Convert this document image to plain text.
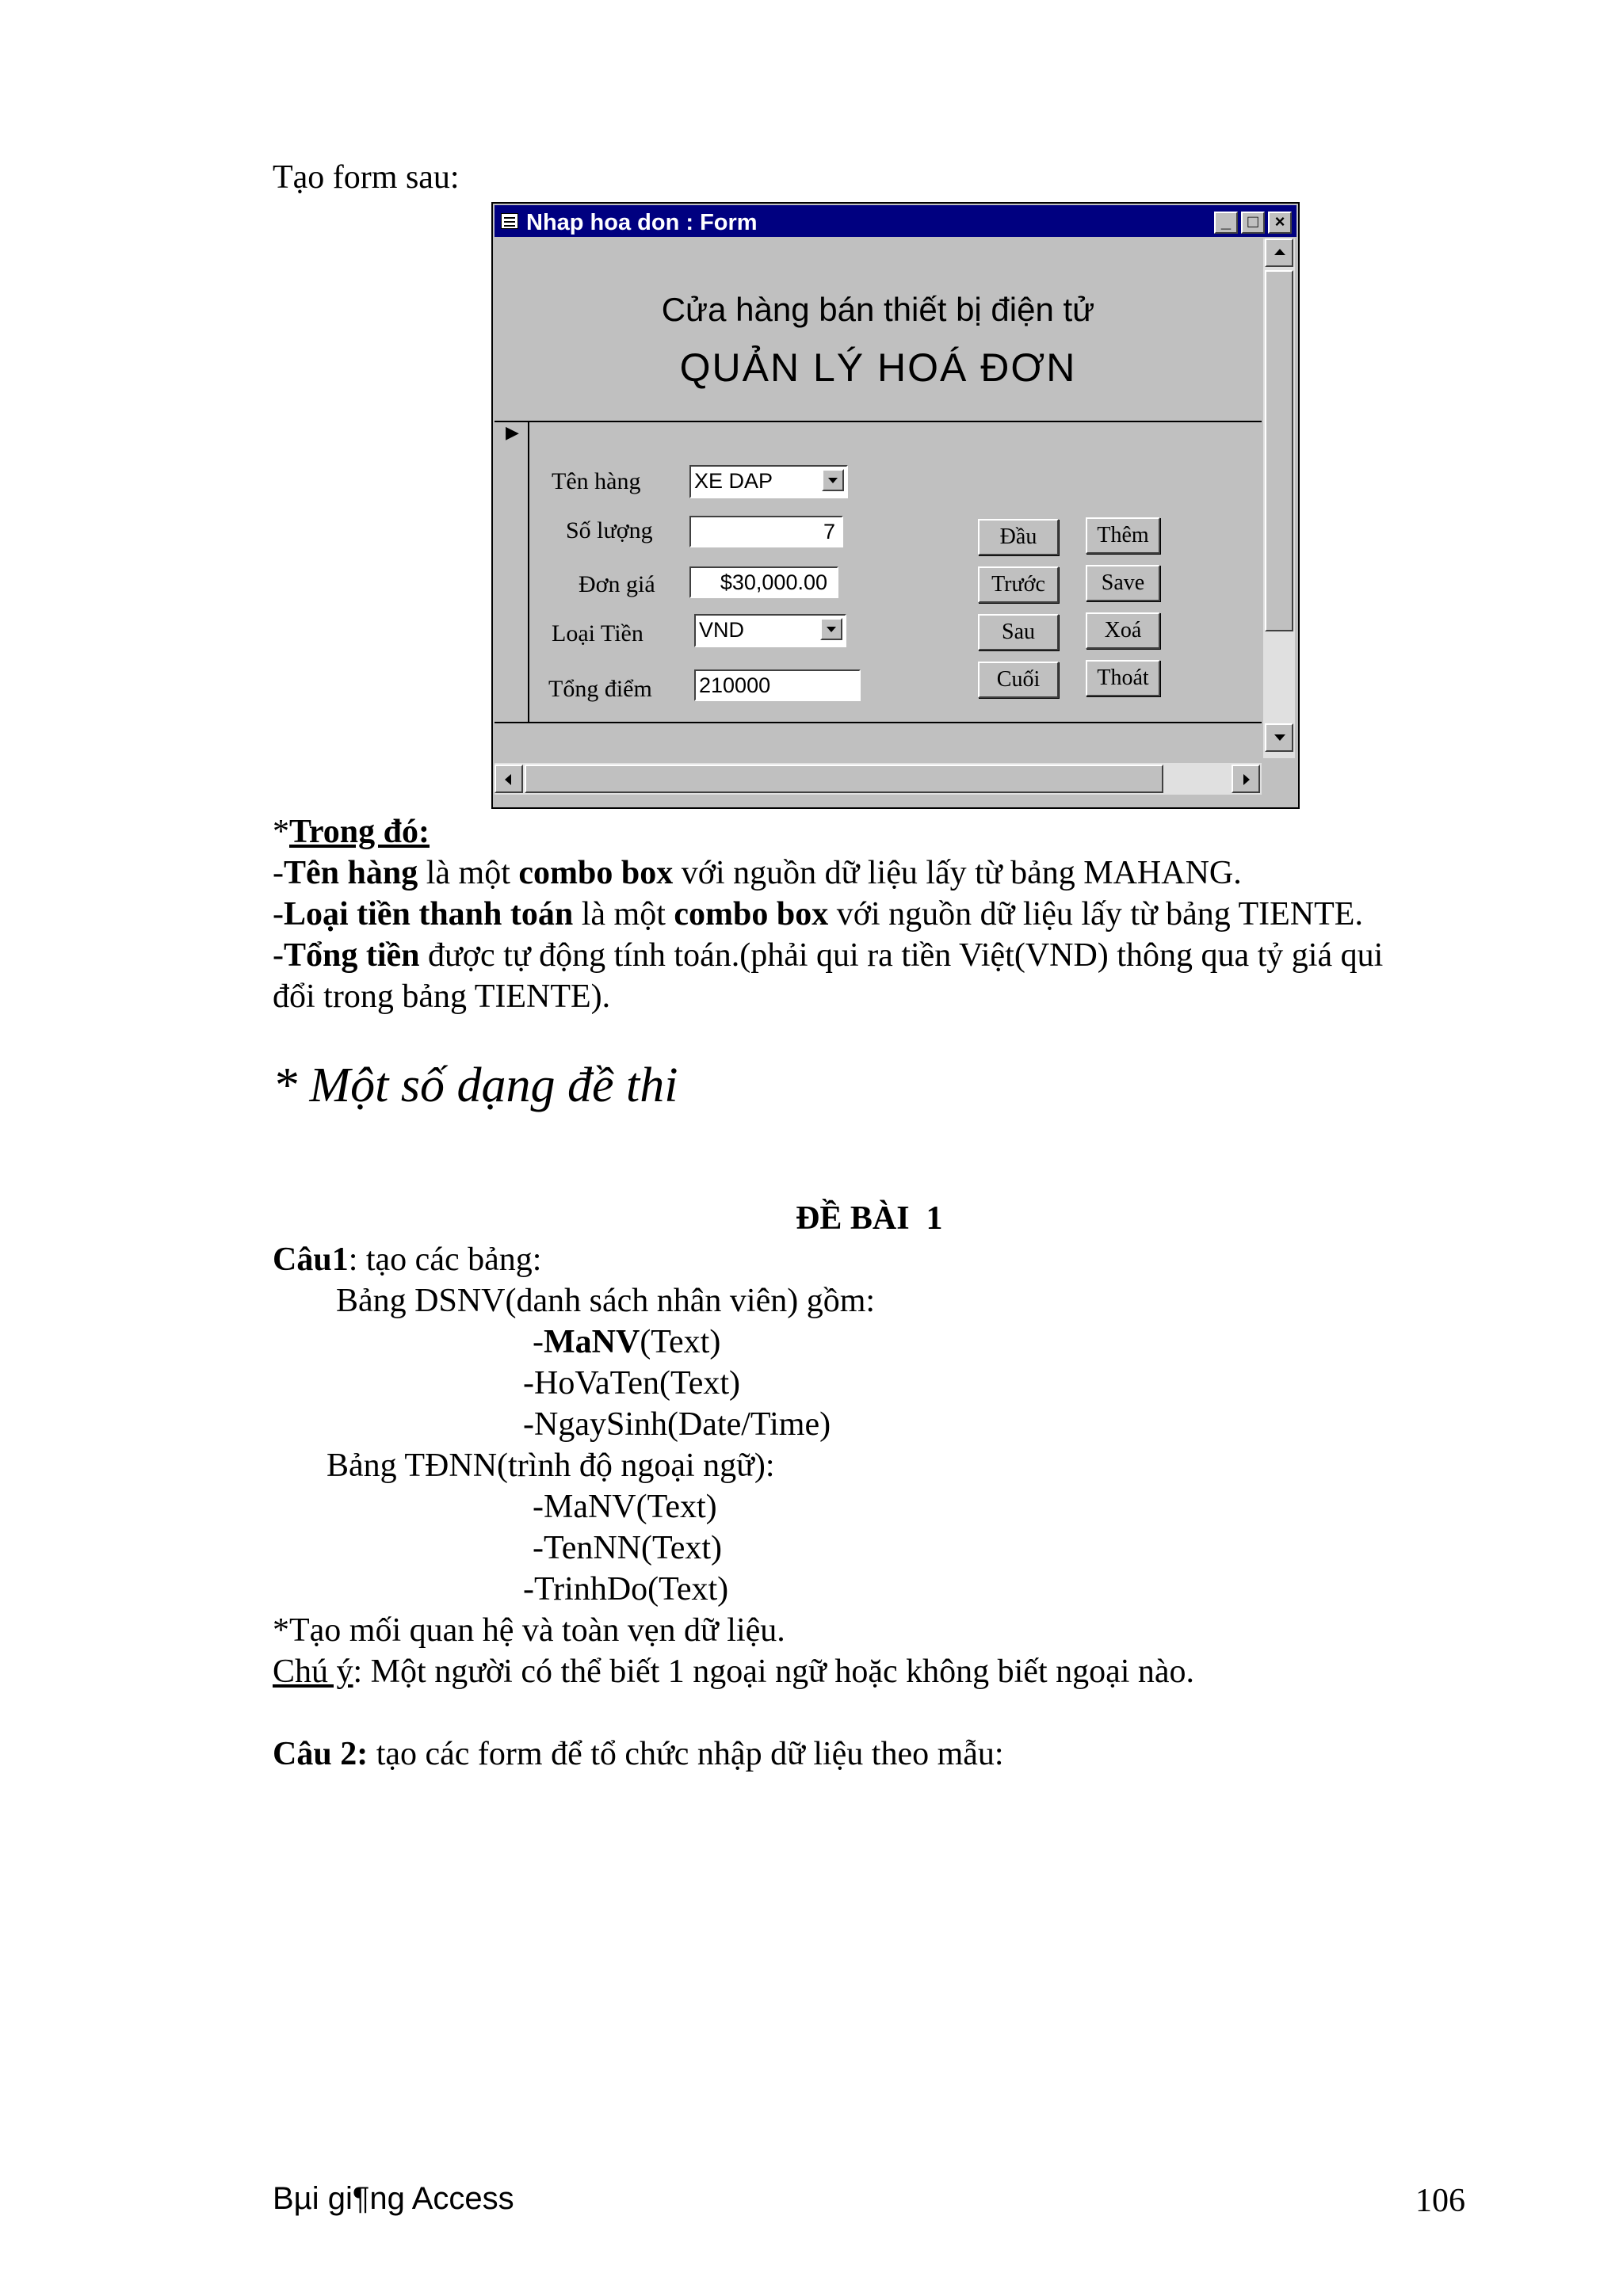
Tạo form sau:
Nhap hoa don : Form	_ □ ×
Cửa hàng bán thiết bị điện tử
QUẢN LÝ HOÁ ĐƠN
▶
Tên hàng
Số lượng
Đơn giá
Loại Tiền
Tổng điểm
XE DAP
7
$30,000.00
VND
210000
Đầu
Trước
Sau
Cuối
Thêm
Save
Xoá
Thoát
*Trong đó:
-Tên hàng là một combo box với nguồn dữ liệu lấy từ bảng MAHANG.
-Loại tiền thanh toán là một combo box với nguồn dữ liệu lấy từ bảng TIENTE.
-Tổng tiền được tự động tính toán.(phải qui ra tiền Việt(VND) thông qua tỷ giá qui
đổi trong bảng TIENTE).
* Một số dạng đề thi
ĐỀ BÀI  1
Câu1: tạo các bảng:
Bảng DSNV(danh sách nhân viên) gồm:
-MaNV(Text)
-HoVaTen(Text)
-NgaySinh(Date/Time)
Bảng TĐNN(trình độ ngoại ngữ):
-MaNV(Text)
-TenNN(Text)
-TrinhDo(Text)
*Tạo mối quan hệ và toàn vẹn dữ liệu.
Chú ý: Một người có thể biết 1 ngoại ngữ hoặc không biết ngoại nào.
Câu 2: tạo các form để tổ chức nhập dữ liệu theo mẫu:
Bµi gi¶ng Access	106
